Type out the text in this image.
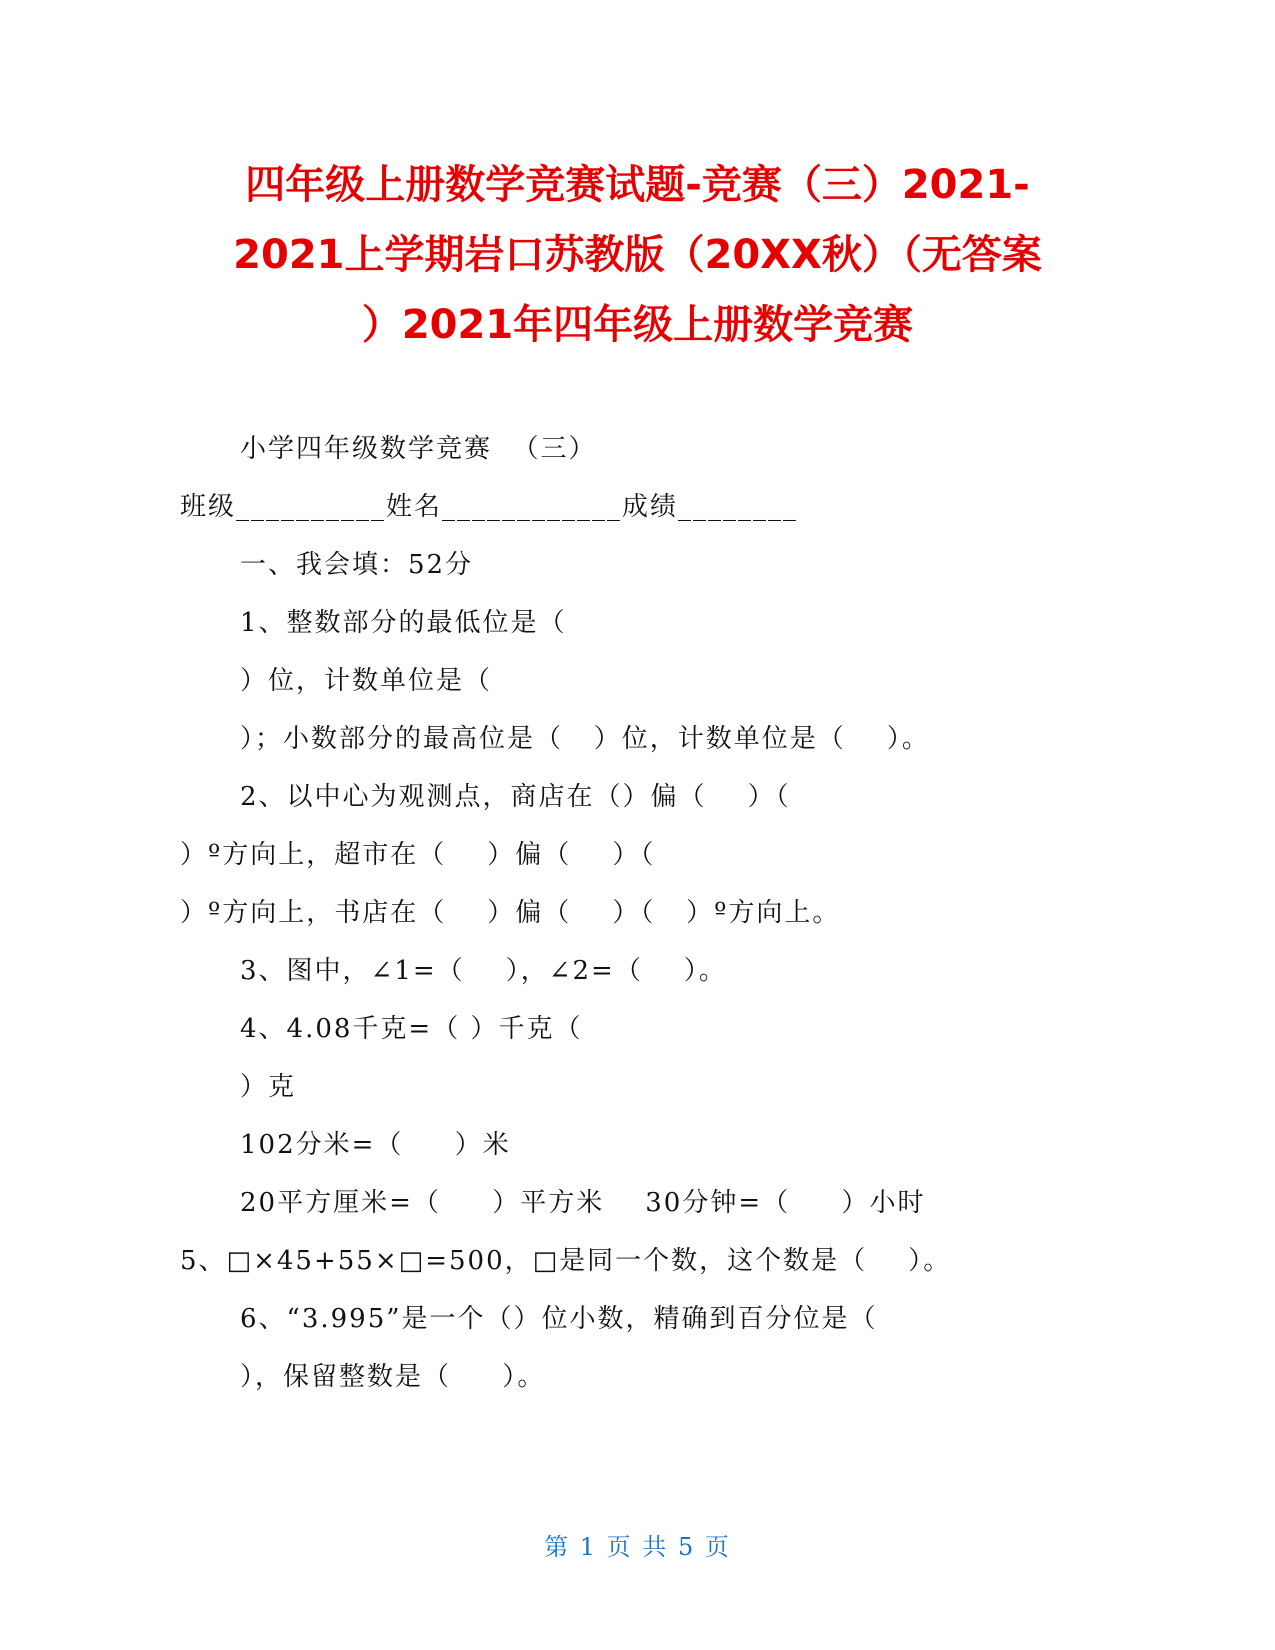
四年级上册数学竞赛试题-竞赛（三）2021-
2021上学期岩口苏教版（20XX秋）（无答案
）2021年四年级上册数学竞赛
小学四年级数学竞赛  （三）
班级__________姓名____________成绩________
一、我会填：52分
1、整数部分的最低位是（
）位，计数单位是（
）；小数部分的最高位是（   ）位，计数单位是（    ）。
2、以中心为观测点，商店在（）偏（    ）（
）º方向上，超市在（    ）偏（    ）（
）º方向上，书店在（    ）偏（    ）（   ）º方向上。
3、图中，∠1=（    ），∠2=（    ）。
4、4.08千克=（ ）千克（
）克
102分米=（     ）米
20平方厘米=（     ）平方米    30分钟=（     ）小时
5、□×45+55×□=500，□是同一个数，这个数是（    ）。
6、“3.995”是一个（）位小数，精确到百分位是（
），保留整数是（     ）。
第 1 页 共 5 页
